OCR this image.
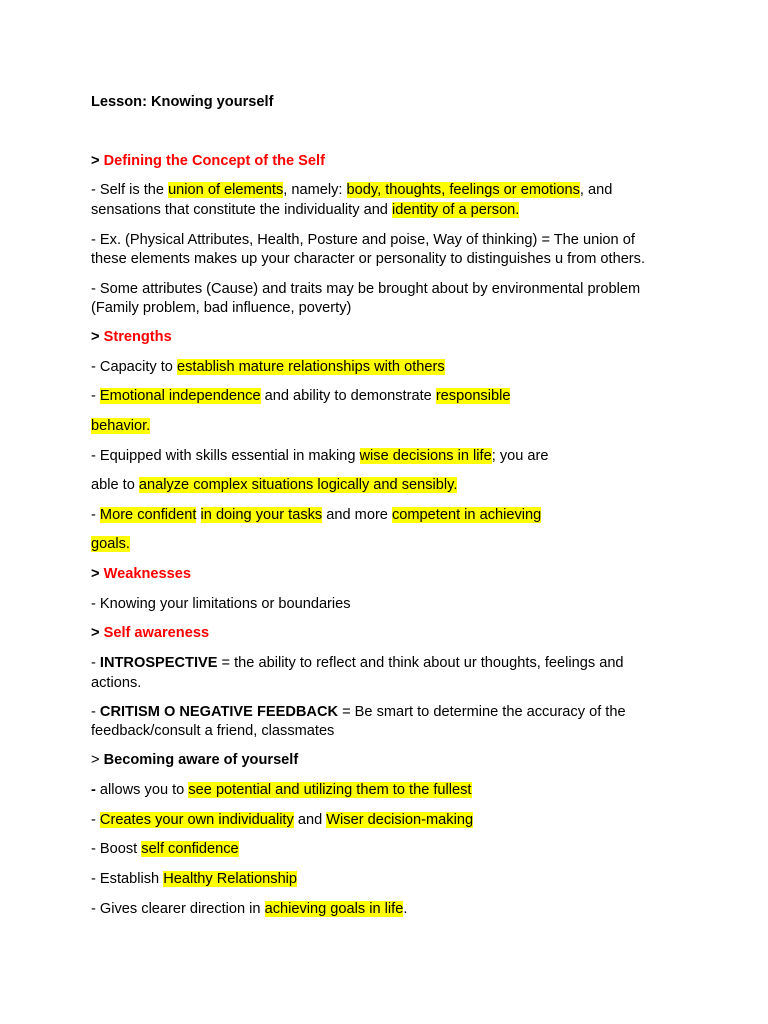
Lesson: Knowing yourself

> Defining the Concept of the Self

- Self is the union of elements, namely: body, thoughts, feelings or emotions, and

sensations that constitute the individuality and identity of a person.

- Ex. (Physical Attributes, Health, Posture and poise, Way of thinking) = The union of

these elements makes up your character or personality to distinguishes u from others.

- Some attributes (Cause) and traits may be brought about by environmental problem

(Family problem, bad influence, poverty)

> Strengths

- Capacity to establish mature relationships with others

- Emotional independence and ability to demonstrate responsible

behavior.

- Equipped with skills essential in making wise decisions in life; you are

able to analyze complex situations logically and sensibly.

- More confident in doing your tasks and more competent in achieving

goals.

> Weaknesses

- Knowing your limitations or boundaries

> Self awareness

- INTROSPECTIVE = the ability to reflect and think about ur thoughts, feelings and

actions.

- CRITISM O NEGATIVE FEEDBACK = Be smart to determine the accuracy of the

feedback/consult a friend, classmates

> Becoming aware of yourself

- allows you to see potential and utilizing them to the fullest

- Creates your own individuality and Wiser decision-making

- Boost self confidence

- Establish Healthy Relationship

- Gives clearer direction in achieving goals in life.
